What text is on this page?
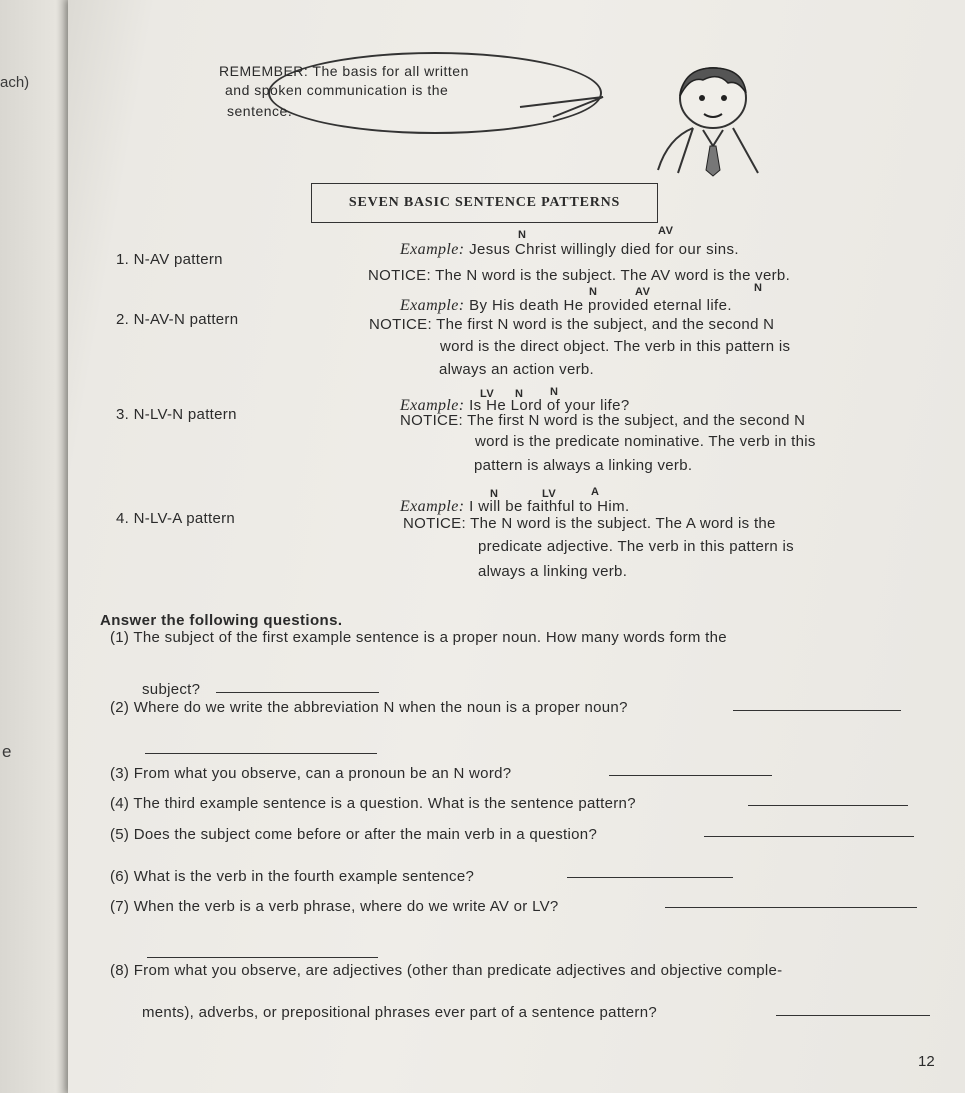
ach)
e
REMEMBER: The basis for all written
and spoken communication is the
sentence.
SEVEN BASIC SENTENCE PATTERNS
1. N-AV pattern
N	AV
Example: Jesus Christ willingly died for our sins.
NOTICE: The N word is the subject. The AV word is the verb.
2. N-AV-N pattern
N	AV	N
Example: By His death He provided eternal life.
NOTICE: The first N word is the subject, and the second N
word is the direct object. The verb in this pattern is
always an action verb.
3. N-LV-N pattern
LV N N
Example: Is He Lord of your life?
NOTICE: The first N word is the subject, and the second N
word is the predicate nominative. The verb in this
pattern is always a linking verb.
4. N-LV-A pattern
N	LV	A
Example: I will be faithful to Him.
NOTICE: The N word is the subject. The A word is the
predicate adjective. The verb in this pattern is
always a linking verb.
Answer the following questions.
(1) The subject of the first example sentence is a proper noun. How many words form the
subject?
(2) Where do we write the abbreviation N when the noun is a proper noun?
(3) From what you observe, can a pronoun be an N word?
(4) The third example sentence is a question. What is the sentence pattern?
(5) Does the subject come before or after the main verb in a question?
(6) What is the verb in the fourth example sentence?
(7) When the verb is a verb phrase, where do we write AV or LV?
(8) From what you observe, are adjectives (other than predicate adjectives and objective comple-
ments), adverbs, or prepositional phrases ever part of a sentence pattern?
12
